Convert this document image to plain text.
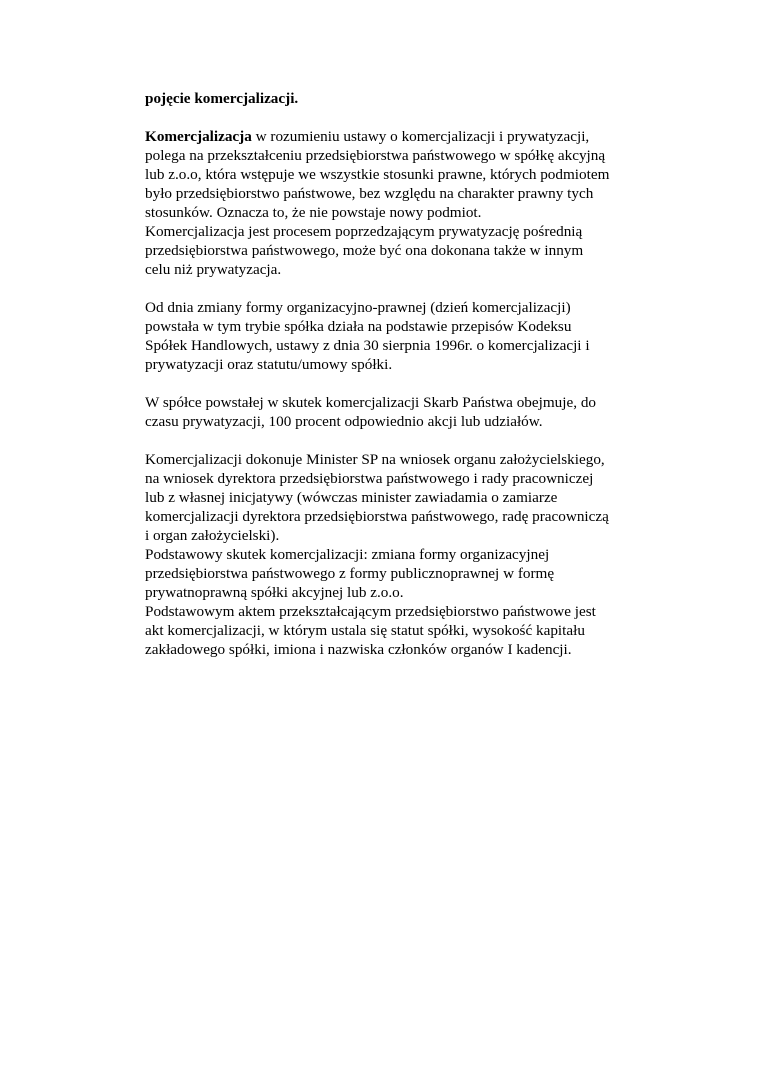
pojęcie komercjalizacji.

Komercjalizacja w rozumieniu ustawy o komercjalizacji i prywatyzacji,

polega na przekształceniu przedsiębiorstwa państwowego w spółkę akcyjną

lub z.o.o, która wstępuje we wszystkie stosunki prawne, których podmiotem

było przedsiębiorstwo państwowe, bez względu na charakter prawny tych

stosunków. Oznacza to, że nie powstaje nowy podmiot.

Komercjalizacja jest procesem poprzedzającym prywatyzację pośrednią

przedsiębiorstwa państwowego, może być ona dokonana także w innym

celu niż prywatyzacja.

Od dnia zmiany formy organizacyjno-prawnej (dzień komercjalizacji)

powstała w tym trybie spółka działa na podstawie przepisów Kodeksu

Spółek Handlowych, ustawy z dnia 30 sierpnia 1996r. o komercjalizacji i

prywatyzacji oraz statutu/umowy spółki.

W spółce powstałej w skutek komercjalizacji Skarb Państwa obejmuje, do

czasu prywatyzacji, 100 procent odpowiednio akcji lub udziałów.

Komercjalizacji dokonuje Minister SP na wniosek organu założycielskiego,

na wniosek dyrektora przedsiębiorstwa państwowego i rady pracowniczej

lub z własnej inicjatywy (wówczas minister zawiadamia o zamiarze

komercjalizacji dyrektora przedsiębiorstwa państwowego, radę pracowniczą

i organ założycielski).

Podstawowy skutek komercjalizacji: zmiana formy organizacyjnej

przedsiębiorstwa państwowego z formy publicznoprawnej w formę

prywatnoprawną spółki akcyjnej lub z.o.o.

Podstawowym aktem przekształcającym przedsiębiorstwo państwowe jest

akt komercjalizacji, w którym ustala się statut spółki, wysokość kapitału

zakładowego spółki, imiona i nazwiska członków organów I kadencji.
